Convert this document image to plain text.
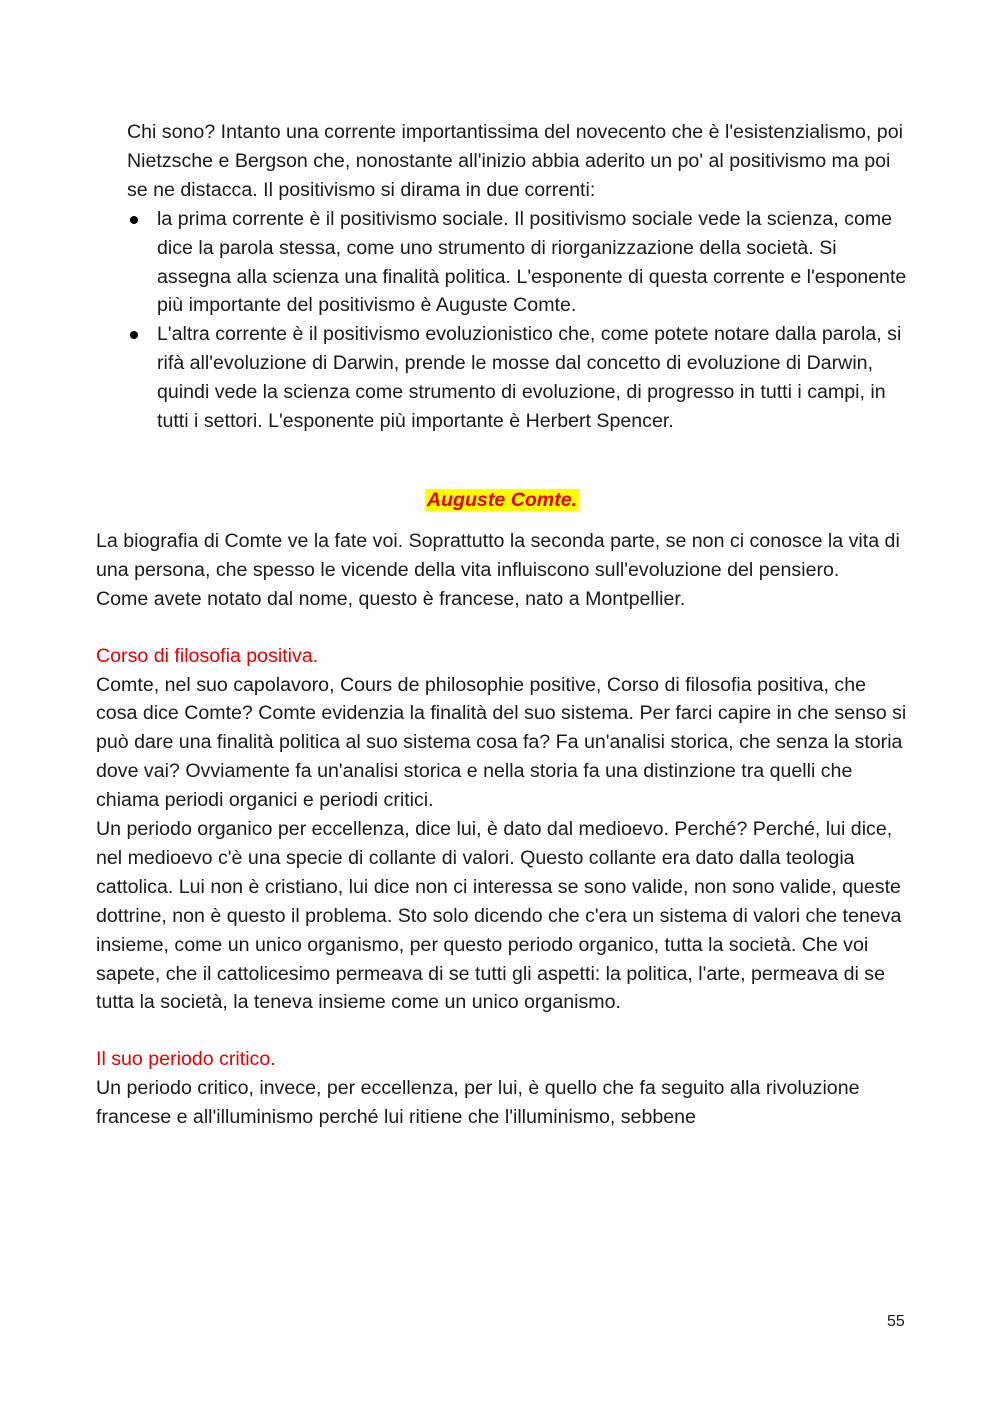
Chi sono? Intanto una corrente importantissima del novecento che è l'esistenzialismo, poi Nietzsche e Bergson che, nonostante all'inizio abbia aderito un po' al positivismo ma poi se ne distacca. Il positivismo si dirama in due correnti:

la prima corrente è il positivismo sociale. Il positivismo sociale vede la scienza, come dice la parola stessa, come uno strumento di riorganizzazione della società. Si assegna alla scienza una finalità politica. L'esponente di questa corrente e l'esponente più importante del positivismo è Auguste Comte.
L'altra corrente è il positivismo evoluzionistico che, come potete notare dalla parola, si rifà all'evoluzione di Darwin, prende le mosse dal concetto di evoluzione di Darwin, quindi vede la scienza come strumento di evoluzione, di progresso in tutti i campi, in tutti i settori. L'esponente più importante è Herbert Spencer.
Auguste Comte.

La biografia di Comte ve la fate voi. Soprattutto la seconda parte, se non ci conosce la vita di una persona, che spesso le vicende della vita influiscono sull'evoluzione del pensiero.

Come avete notato dal nome, questo è francese, nato a Montpellier.

Corso di filosofia positiva.

Comte, nel suo capolavoro, Cours de philosophie positive, Corso di filosofia positiva, che cosa dice Comte? Comte evidenzia la finalità del suo sistema. Per farci capire in che senso si può dare una finalità politica al suo sistema cosa fa? Fa un'analisi storica, che senza la storia dove vai? Ovviamente fa un'analisi storica e nella storia fa una distinzione tra quelli che chiama periodi organici e periodi critici.

Un periodo organico per eccellenza, dice lui, è dato dal medioevo. Perché? Perché, lui dice, nel medioevo c'è una specie di collante di valori. Questo collante era dato dalla teologia cattolica. Lui non è cristiano, lui dice non ci interessa se sono valide, non sono valide, queste dottrine, non è questo il problema. Sto solo dicendo che c'era un sistema di valori che teneva insieme, come un unico organismo, per questo periodo organico, tutta la società. Che voi sapete, che il cattolicesimo permeava di se tutti gli aspetti: la politica, l'arte, permeava di se tutta la società, la teneva insieme come un unico organismo.

Il suo periodo critico.

Un periodo critico, invece, per eccellenza, per lui, è quello che fa seguito alla rivoluzione francese e all'illuminismo perché lui ritiene che l'illuminismo, sebbene

55
